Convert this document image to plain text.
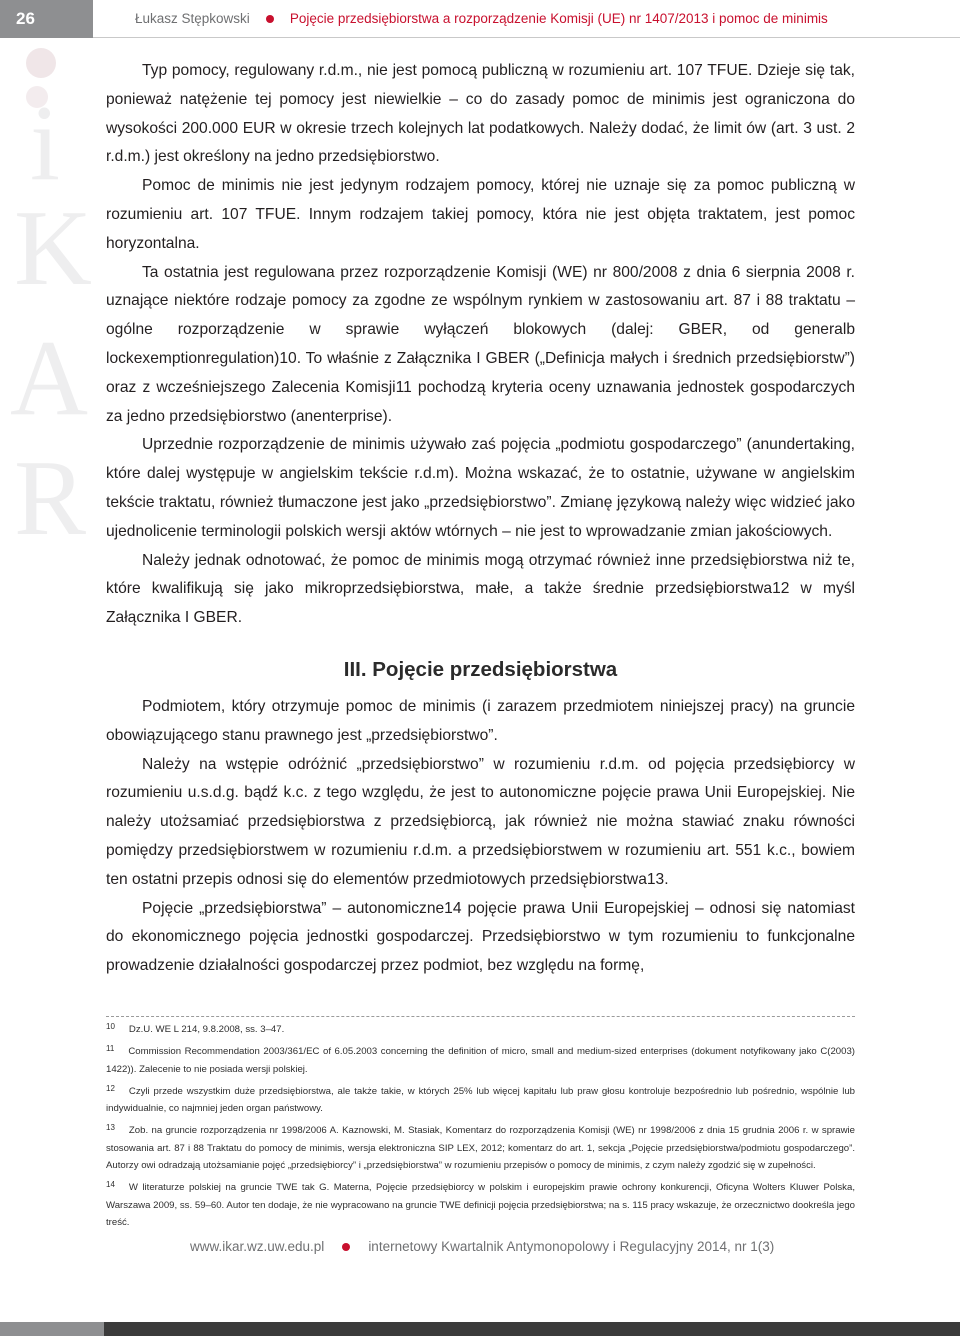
26	Łukasz Stępkowski	Pojęcie przedsiębiorstwa a rozporządzenie Komisji (UE) nr 1407/2013 i pomoc de minimis
i
K
A
R

Typ pomocy, regulowany r.d.m., nie jest pomocą publiczną w rozumieniu art. 107 TFUE. Dzieje się tak, ponieważ natężenie tej pomocy jest niewielkie – co do zasady pomoc de minimis jest ograniczona do wysokości 200.000 EUR w okresie trzech kolejnych lat podatkowych. Należy dodać, że limit ów (art. 3 ust. 2 r.d.m.) jest określony na jedno przedsiębiorstwo.

Pomoc de minimis nie jest jedynym rodzajem pomocy, której nie uznaje się za pomoc publiczną w rozumieniu art. 107 TFUE. Innym rodzajem takiej pomocy, która nie jest objęta traktatem, jest pomoc horyzontalna.

Ta ostatnia jest regulowana przez rozporządzenie Komisji (WE) nr 800/2008 z dnia 6 sierpnia 2008 r. uznające niektóre rodzaje pomocy za zgodne ze wspólnym rynkiem w zastosowaniu art. 87 i 88 traktatu – ogólne rozporządzenie w sprawie wyłączeń blokowych (dalej: GBER, od generalb lockexemptionregulation)10. To właśnie z Załącznika I GBER („Definicja małych i średnich przedsiębiorstw”) oraz z wcześniejszego Zalecenia Komisji11 pochodzą kryteria oceny uznawania jednostek gospodarczych za jedno przedsiębiorstwo (anenterprise).

Uprzednie rozporządzenie de minimis używało zaś pojęcia „podmiotu gospodarczego” (anundertaking, które dalej występuje w angielskim tekście r.d.m). Można wskazać, że to ostatnie, używane w angielskim tekście traktatu, również tłumaczone jest jako „przedsiębiorstwo”. Zmianę językową należy więc widzieć jako ujednolicenie terminologii polskich wersji aktów wtórnych – nie jest to wprowadzanie zmian jakościowych.

Należy jednak odnotować, że pomoc de minimis mogą otrzymać również inne przedsiębiorstwa niż te, które kwalifikują się jako mikroprzedsiębiorstwa, małe, a także średnie przedsiębiorstwa12 w myśl Załącznika I GBER.

III. Pojęcie przedsiębiorstwa

Podmiotem, który otrzymuje pomoc de minimis (i zarazem przedmiotem niniejszej pracy) na gruncie obowiązującego stanu prawnego jest „przedsiębiorstwo”.

Należy na wstępie odróżnić „przedsiębiorstwo” w rozumieniu r.d.m. od pojęcia przedsiębiorcy w rozumieniu u.s.d.g. bądź k.c. z tego względu, że jest to autonomiczne pojęcie prawa Unii Europejskiej. Nie należy utożsamiać przedsiębiorstwa z przedsiębiorcą, jak również nie można stawiać znaku równości pomiędzy przedsiębiorstwem w rozumieniu r.d.m. a przedsiębiorstwem w rozumieniu art. 551 k.c., bowiem ten ostatni przepis odnosi się do elementów przedmiotowych przedsiębiorstwa13.

Pojęcie „przedsiębiorstwa” – autonomiczne14 pojęcie prawa Unii Europejskiej – odnosi się natomiast do ekonomicznego pojęcia jednostki gospodarczej. Przedsiębiorstwo w tym rozumieniu to funkcjonalne prowadzenie działalności gospodarczej przez podmiot, bez względu na formę,

$^{10}$ Dz.U. WE L 214, 9.8.2008, ss. 3–47.
$^{11}$ Commission Recommendation 2003/361/EC of 6.05.2003 concerning the definition of micro, small and medium-sized enterprises (dokument notyfikowany jako C(2003) 1422)). Zalecenie to nie posiada wersji polskiej.
$^{12}$ Czyli przede wszystkim duże przedsiębiorstwa, ale także takie, w których 25% lub więcej kapitału lub praw głosu kontroluje bezpośrednio lub pośrednio, wspólnie lub indywidualnie, co najmniej jeden organ państwowy.
$^{13}$ Zob. na gruncie rozporządzenia nr 1998/2006 A. Kaznowski, M. Stasiak, Komentarz do rozporządzenia Komisji (WE) nr 1998/2006 z dnia 15 grudnia 2006 r. w sprawie stosowania art. 87 i 88 Traktatu do pomocy de minimis, wersja elektroniczna SIP LEX, 2012; komentarz do art. 1, sekcja „Pojęcie przedsiębiorstwa/podmiotu gospodarczego”. Autorzy owi odradzają utożsamianie pojęć „przedsiębiorcy” i „przedsiębiorstwa” w rozumieniu przepisów o pomocy de minimis, z czym należy zgodzić się w zupełności.
$^{14}$ W literaturze polskiej na gruncie TWE tak G. Materna, Pojęcie przedsiębiorcy w polskim i europejskim prawie ochrony konkurencji, Oficyna Wolters Kluwer Polska, Warszawa 2009, ss. 59–60. Autor ten dodaje, że nie wypracowano na gruncie TWE definicji pojęcia przedsiębiorstwa; na s. 115 pracy wskazuje, że orzecznictwo dookreśla jego treść.
www.ikar.wz.uw.edu.pl	internetowy Kwartalnik Antymonopolowy i Regulacyjny 2014, nr 1(3)
